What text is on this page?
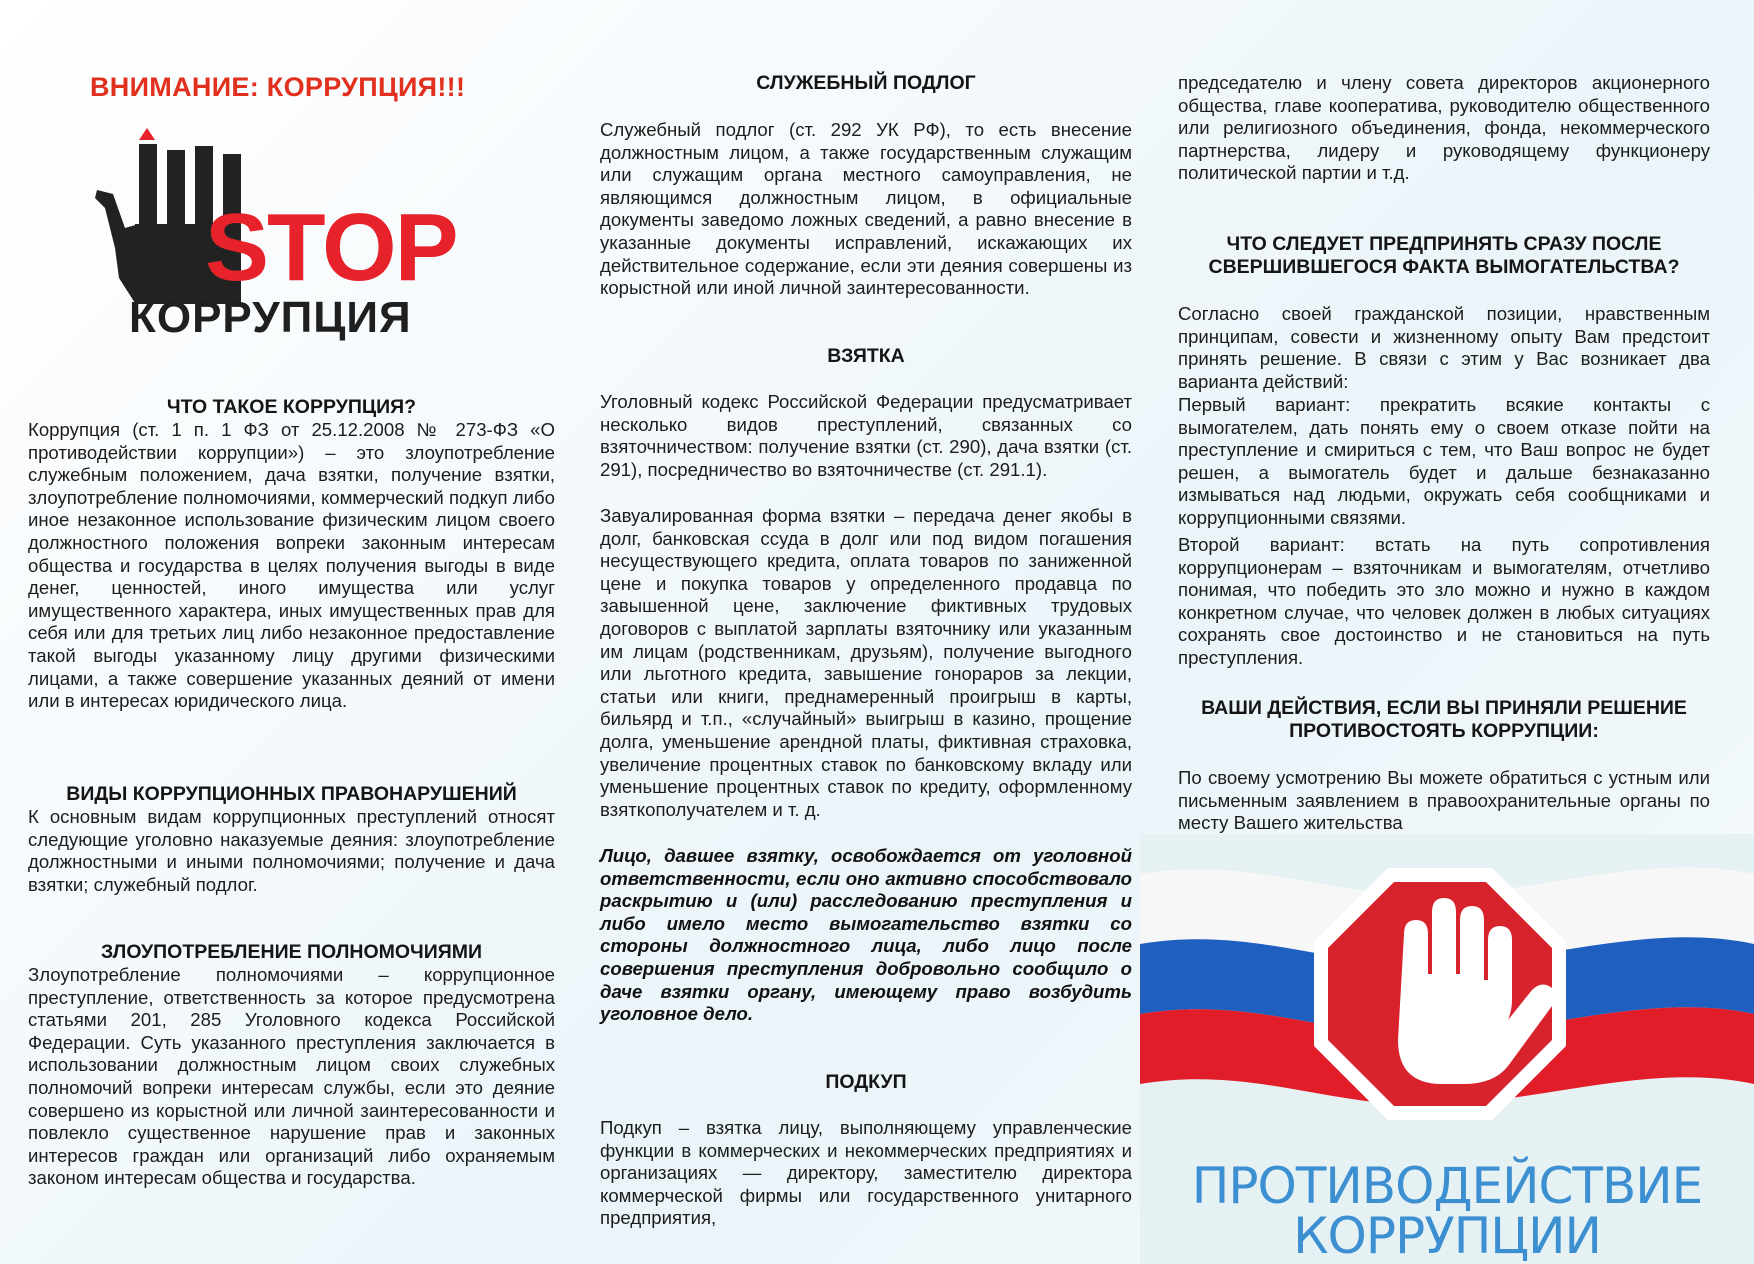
ВНИМАНИЕ: КОРРУПЦИЯ!!!
STOP
КОРРУПЦИЯ
ЧТО ТАКОЕ КОРРУПЦИЯ?

Коррупция (ст. 1 п. 1 ФЗ от 25.12.2008 № 273-ФЗ «О противодействии коррупции») – это злоупотребление служебным положением, дача взятки, получение взятки, злоупотребление полномочиями, коммерческий подкуп либо иное незаконное использование физическим лицом своего должностного положения вопреки законным интересам общества и государства в целях получения выгоды в виде денег, ценностей, иного имущества или услуг имущественного характера, иных имущественных прав для себя или для третьих лиц либо незаконное предоставление такой выгоды указанному лицу другими физическими лицами, а также совершение указанных деяний от имени или в интересах юридического лица.

ВИДЫ КОРРУПЦИОННЫХ ПРАВОНАРУШЕНИЙ

К основным видам коррупционных преступлений относят следующие уголовно наказуемые деяния: злоупотребление должностными и иными полномочиями; получение и дача взятки; служебный подлог.

ЗЛОУПОТРЕБЛЕНИЕ ПОЛНОМОЧИЯМИ

Злоупотребление полномочиями – коррупционное преступление, ответственность за которое предусмотрена статьями 201, 285 Уголовного кодекса Российской Федерации. Суть указанного преступления заключается в использовании должностным лицом своих служебных полномочий вопреки интересам службы, если это деяние совершено из корыстной или личной заинтересованности и повлекло существенное нарушение прав и законных интересов граждан или организаций либо охраняемым законом интересам общества и государства.

СЛУЖЕБНЫЙ ПОДЛОГ

Служебный подлог (ст. 292 УК РФ), то есть внесение должностным лицом, а также государственным служащим или служащим органа местного самоуправления, не являющимся должностным лицом, в официальные документы заведомо ложных сведений, а равно внесение в указанные документы исправлений, искажающих их действительное содержание, если эти деяния совершены из корыстной или иной личной заинтересованности.

ВЗЯТКА

Уголовный кодекс Российской Федерации предусматривает несколько видов преступлений, связанных со взяточничеством: получение взятки (ст. 290), дача взятки (ст. 291), посредничество во взяточничестве (ст. 291.1).

Завуалированная форма взятки – передача денег якобы в долг, банковская ссуда в долг или под видом погашения несуществующего кредита, оплата товаров по заниженной цене и покупка товаров у определенного продавца по завышенной цене, заключение фиктивных трудовых договоров с выплатой зарплаты взяточнику или указанным им лицам (родственникам, друзьям), получение выгодного или льготного кредита, завышение гонораров за лекции, статьи или книги, преднамеренный проигрыш в карты, бильярд и т.п., «случайный» выигрыш в казино, прощение долга, уменьшение арендной платы, фиктивная страховка, увеличение процентных ставок по банковскому вкладу или уменьшение процентных ставок по кредиту, оформленному взяткополучателем и т. д.

Лицо, давшее взятку, освобождается от уголовной ответственности, если оно активно способствовало раскрытию и (или) расследованию преступления и либо имело место вымогательство взятки со стороны должностного лица, либо лицо после совершения преступления добровольно сообщило о даче взятки органу, имеющему право возбудить уголовное дело.

ПОДКУП

Подкуп – взятка лицу, выполняющему управленческие функции в коммерческих и некоммерческих предприятиях и организациях — директору, заместителю директора коммерческой фирмы или государственного унитарного предприятия,

председателю и члену совета директоров акционерного общества, главе кооператива, руководителю общественного или религиозного объединения, фонда, некоммерческого партнерства, лидеру и руководящему функционеру политической партии и т.д.

ЧТО СЛЕДУЕТ ПРЕДПРИНЯТЬ СРАЗУ ПОСЛЕ СВЕРШИВШЕГОСЯ ФАКТА ВЫМОГАТЕЛЬСТВА?

Согласно своей гражданской позиции, нравственным принципам, совести и жизненному опыту Вам предстоит принять решение. В связи с этим у Вас возникает два варианта действий:

Первый вариант: прекратить всякие контакты с вымогателем, дать понять ему о своем отказе пойти на преступление и смириться с тем, что Ваш вопрос не будет решен, а вымогатель будет и дальше безнаказанно измываться над людьми, окружать себя сообщниками и коррупционными связями.

Второй вариант: встать на путь сопротивления коррупционерам – взяточникам и вымогателям, отчетливо понимая, что победить это зло можно и нужно в каждом конкретном случае, что человек должен в любых ситуациях сохранять свое достоинство и не становиться на путь преступления.

ВАШИ ДЕЙСТВИЯ, ЕСЛИ ВЫ ПРИНЯЛИ РЕШЕНИЕ ПРОТИВОСТОЯТЬ КОРРУПЦИИ:

По своему усмотрению Вы можете обратиться с устным или письменным заявлением в правоохранительные органы по месту Вашего жительства

ПРОТИВОДЕЙСТВИЕ
КОРРУПЦИИ
